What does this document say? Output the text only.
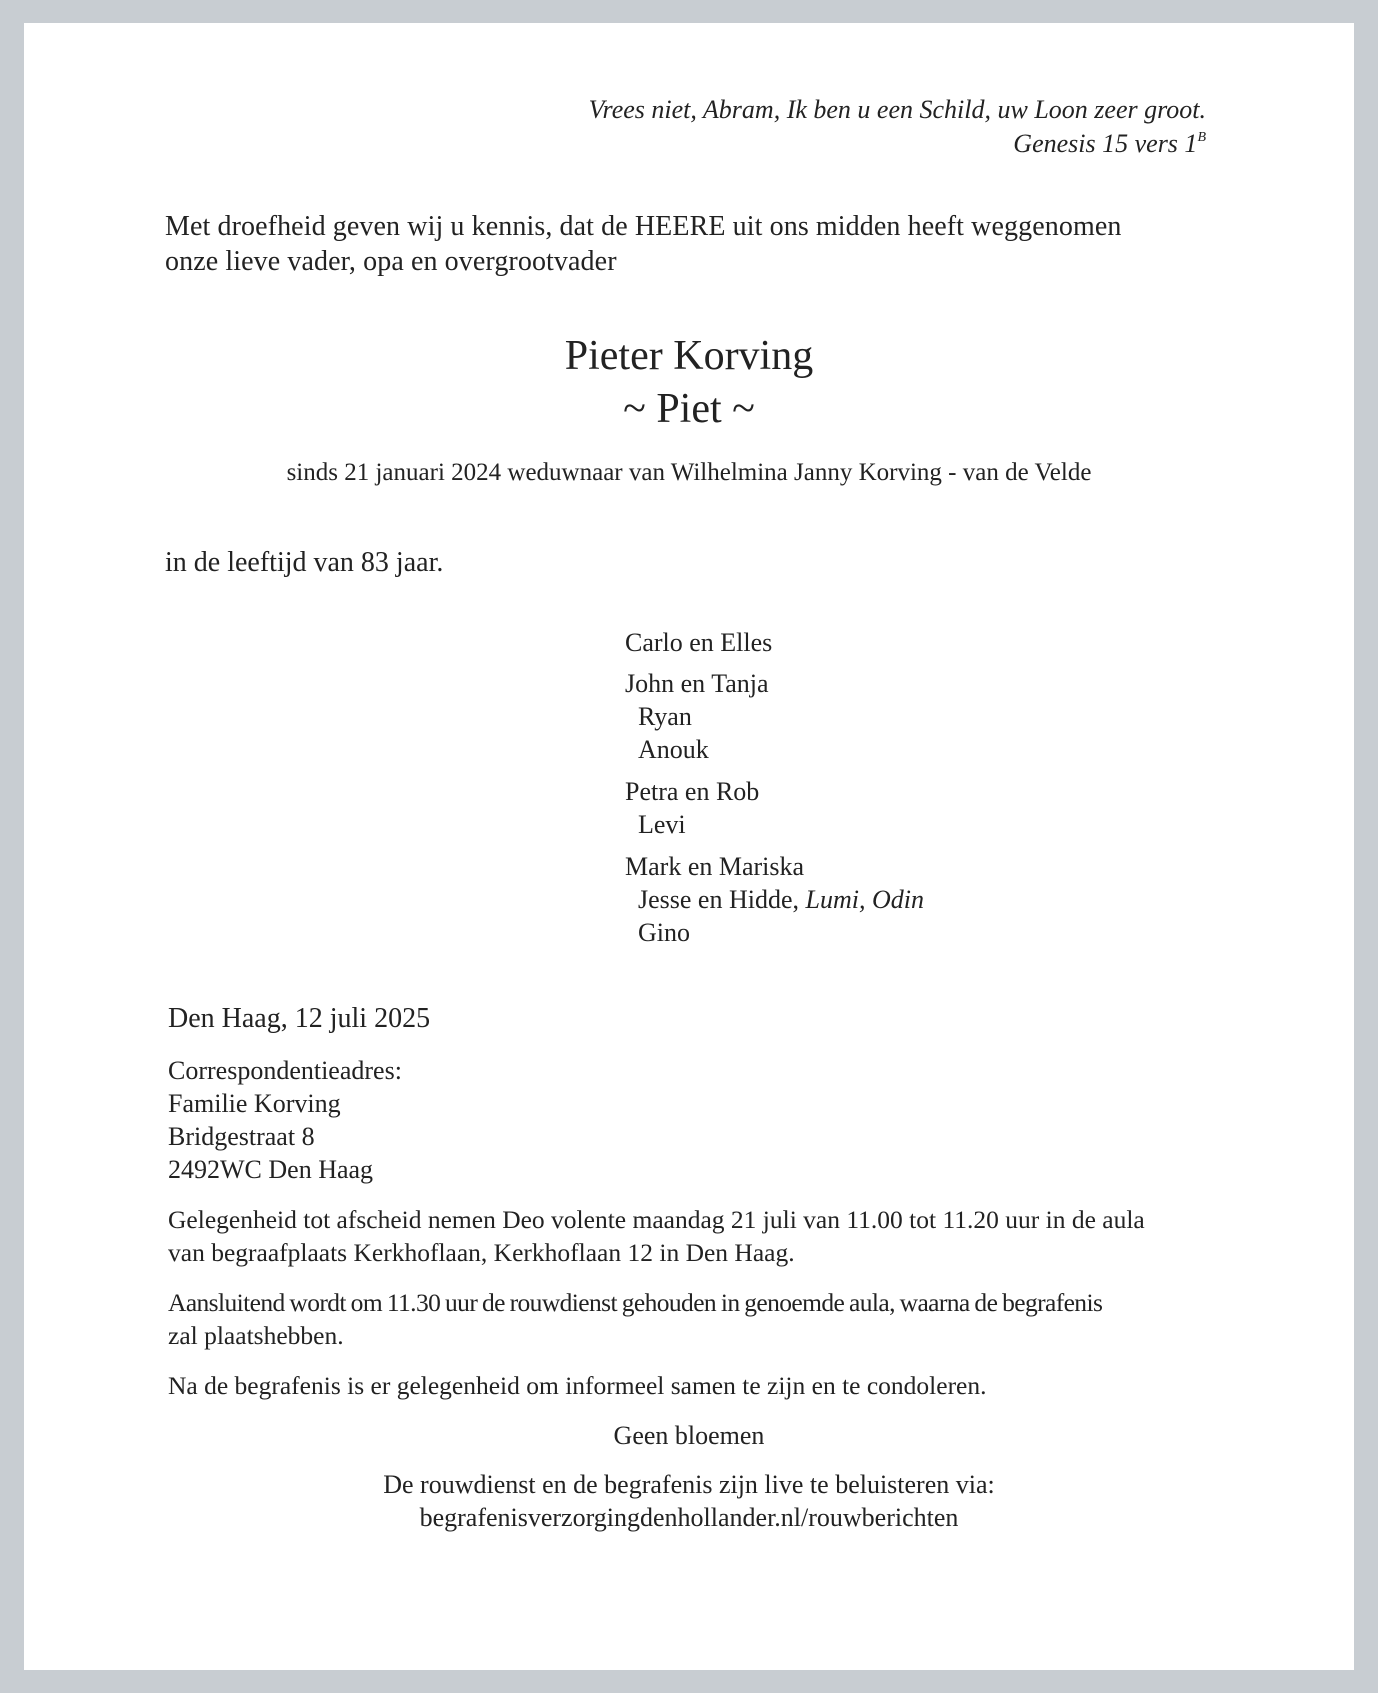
Vrees niet, Abram, Ik ben u een Schild, uw Loon zeer groot.

Genesis 15 vers $1^B$

Met droefheid geven wij u kennis, dat de HEERE uit ons midden heeft weggenomen

onze lieve vader, opa en overgrootvader

Pieter Korving

~ Piet ~

sinds 21 januari 2024 weduwnaar van Wilhelmina Janny Korving - van de Velde

in de leeftijd van 83 jaar.

Carlo en Elles

John en Tanja

Ryan

Anouk

Petra en Rob

Levi

Mark en Mariska

Jesse en Hidde, Lumi, Odin

Gino

Den Haag, 12 juli 2025

Correspondentieadres:

Familie Korving

Bridgestraat 8

2492WC Den Haag

Gelegenheid tot afscheid nemen Deo volente maandag 21 juli van 11.00 tot 11.20 uur in de aula

van begraafplaats Kerkhoflaan, Kerkhoflaan 12 in Den Haag.

Aansluitend wordt om 11.30 uur de rouwdienst gehouden in genoemde aula, waarna de begrafenis

zal plaatshebben.

Na de begrafenis is er gelegenheid om informeel samen te zijn en te condoleren.

Geen bloemen

De rouwdienst en de begrafenis zijn live te beluisteren via:

begrafenisverzorgingdenhollander.nl/rouwberichten
